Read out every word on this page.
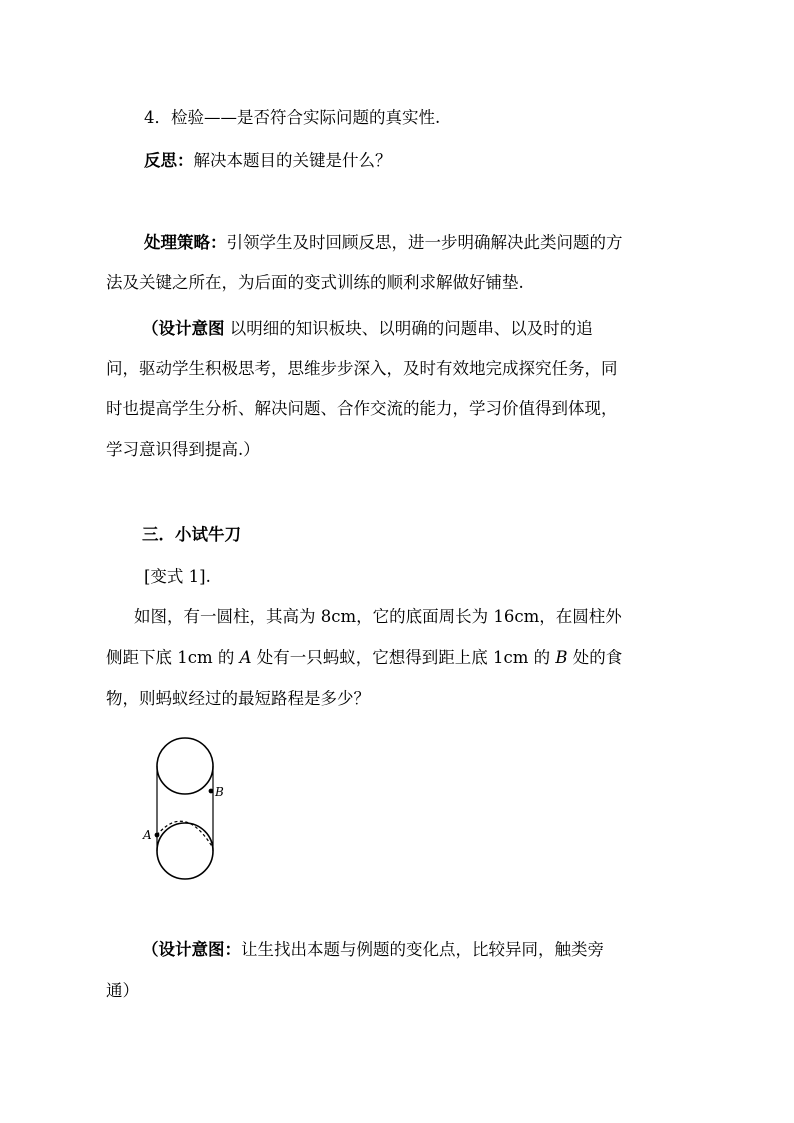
4．检验——是否符合实际问题的真实性.
反思：解决本题目的关键是什么？
处理策略：引领学生及时回顾反思，进一步明确解决此类问题的方
法及关键之所在，为后面的变式训练的顺利求解做好铺垫.
（设计意图 以明细的知识板块、以明确的问题串、以及时的追
问，驱动学生积极思考，思维步步深入，及时有效地完成探究任务，同
时也提高学生分析、解决问题、合作交流的能力，学习价值得到体现，
学习意识得到提高.）
三．小试牛刀
[变式 1].
如图，有一圆柱，其高为 8cm，它的底面周长为 16cm，在圆柱外
侧距下底 1cm 的 A 处有一只蚂蚁，它想得到距上底 1cm 的 B 处的食
物，则蚂蚁经过的最短路程是多少？
A
B
（设计意图：让生找出本题与例题的变化点，比较异同，触类旁
通）
